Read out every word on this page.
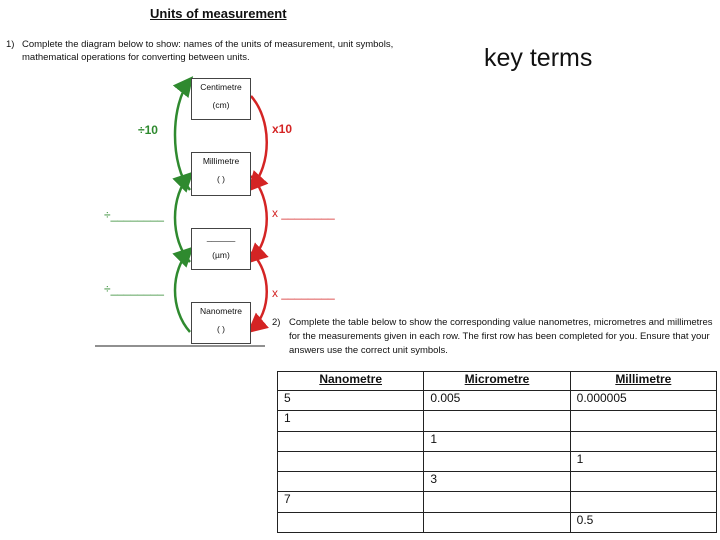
Units of measurement
1) Complete the diagram below to show: names of the units of measurement, unit symbols, mathematical operations for converting between units.	key terms
Centimetre
(cm)
Millimetre
( )
______
(µm)
Nanometre
( )
÷10
÷________
÷________
x10
x ________
x ________
2) Complete the table below to show the corresponding value nanometres, micrometres and millimetres for the measurements given in each row. The first row has been completed for you. Ensure that your answers use the correct unit symbols.
Nanometre	Micrometre	Millimetre
5	0.005	0.000005
1		
	1	
		1
	3	
7		
		0.5
